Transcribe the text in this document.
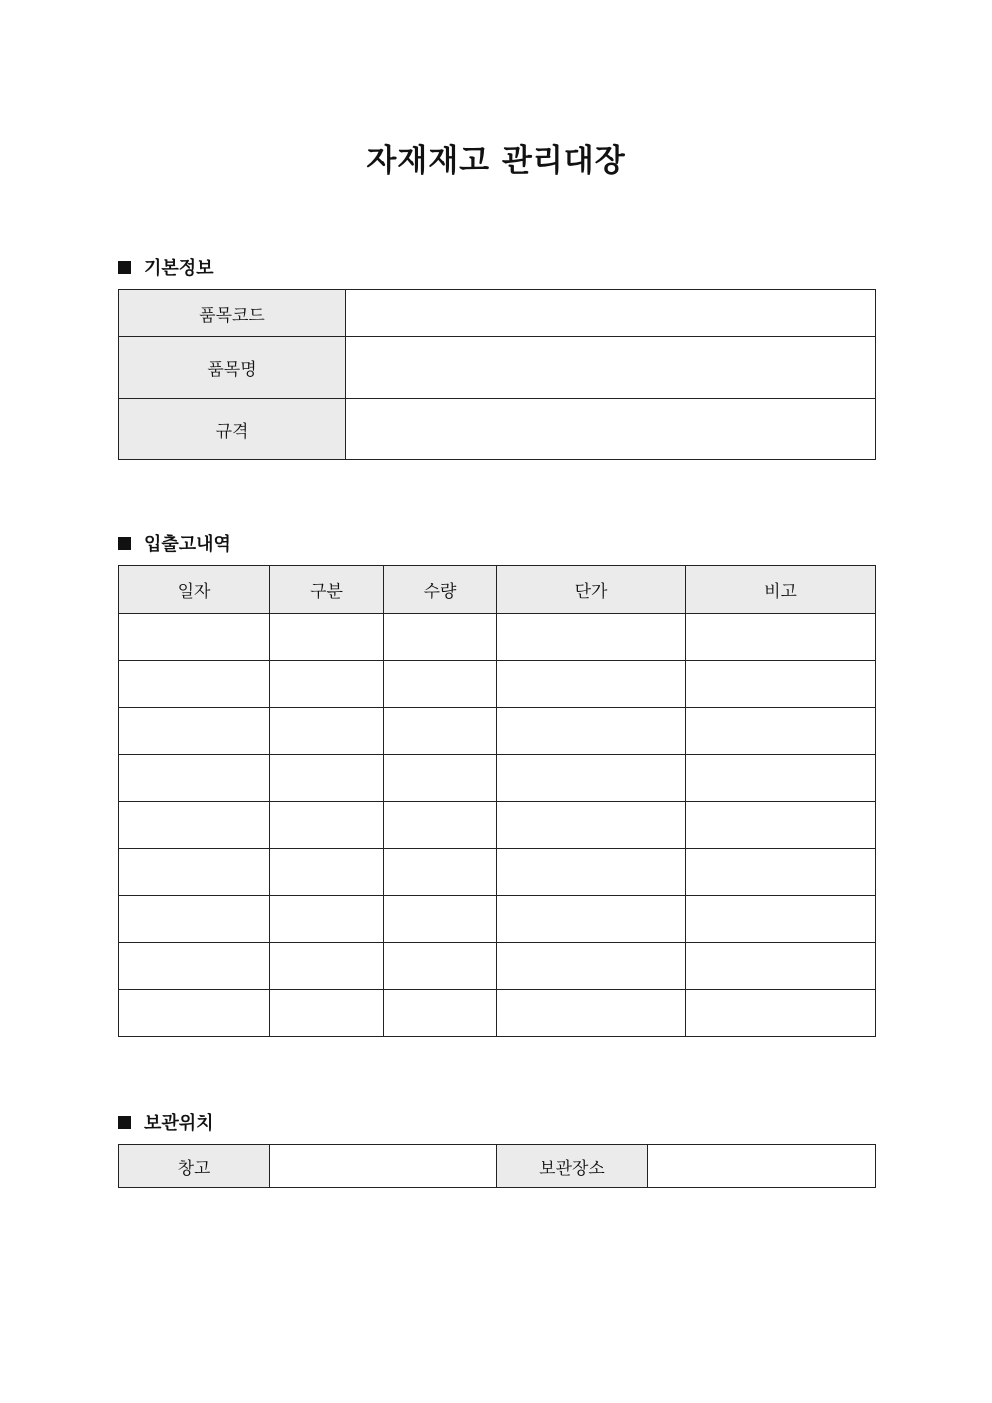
자재재고 관리대장
기본정보
품목코드	
품목명	
규격	
입출고내역
일자	구분	수량	단가	비고

보관위치
창고		보관장소	
